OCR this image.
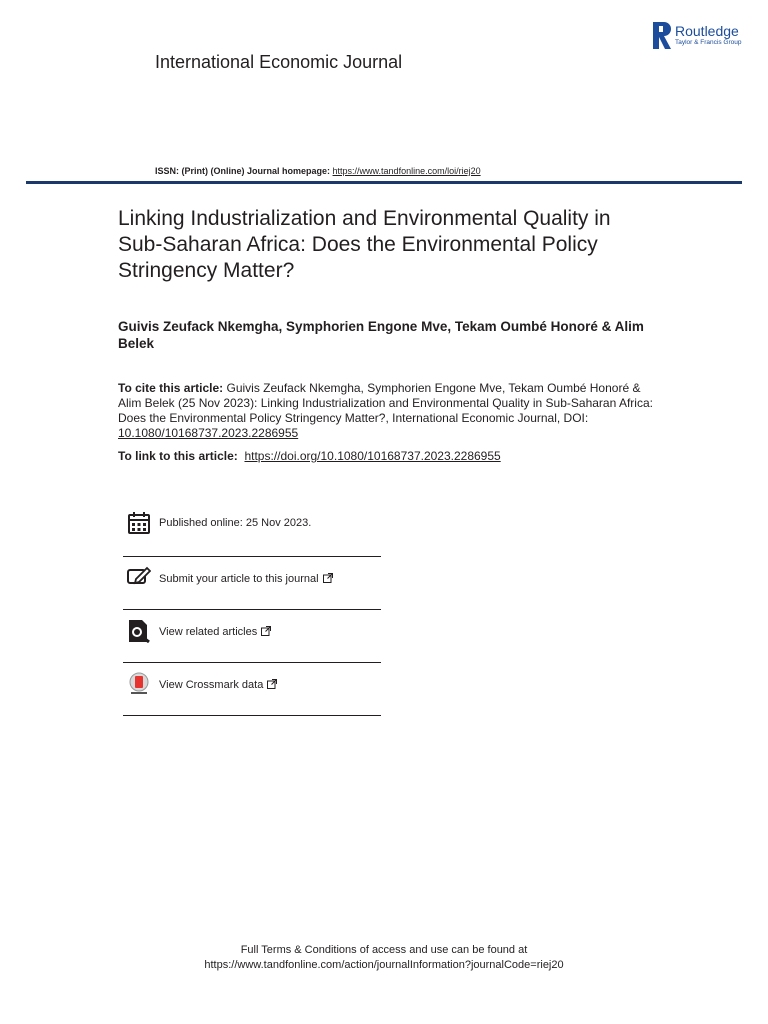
International Economic Journal
Routledge
Taylor & Francis Group
ISSN: (Print) (Online) Journal homepage: https://www.tandfonline.com/loi/riej20
Linking Industrialization and Environmental Quality in Sub-Saharan Africa: Does the Environmental Policy Stringency Matter?
Guivis Zeufack Nkemgha, Symphorien Engone Mve, Tekam Oumbé Honoré & Alim Belek
To cite this article: Guivis Zeufack Nkemgha, Symphorien Engone Mve, Tekam Oumbé Honoré & Alim Belek (25 Nov 2023): Linking Industrialization and Environmental Quality in Sub-Saharan Africa: Does the Environmental Policy Stringency Matter?, International Economic Journal, DOI: 10.1080/10168737.2023.2286955
To link to this article: https://doi.org/10.1080/10168737.2023.2286955
Published online: 25 Nov 2023.
Submit your article to this journal
View related articles
View Crossmark data
Full Terms & Conditions of access and use can be found at
https://www.tandfonline.com/action/journalInformation?journalCode=riej20
